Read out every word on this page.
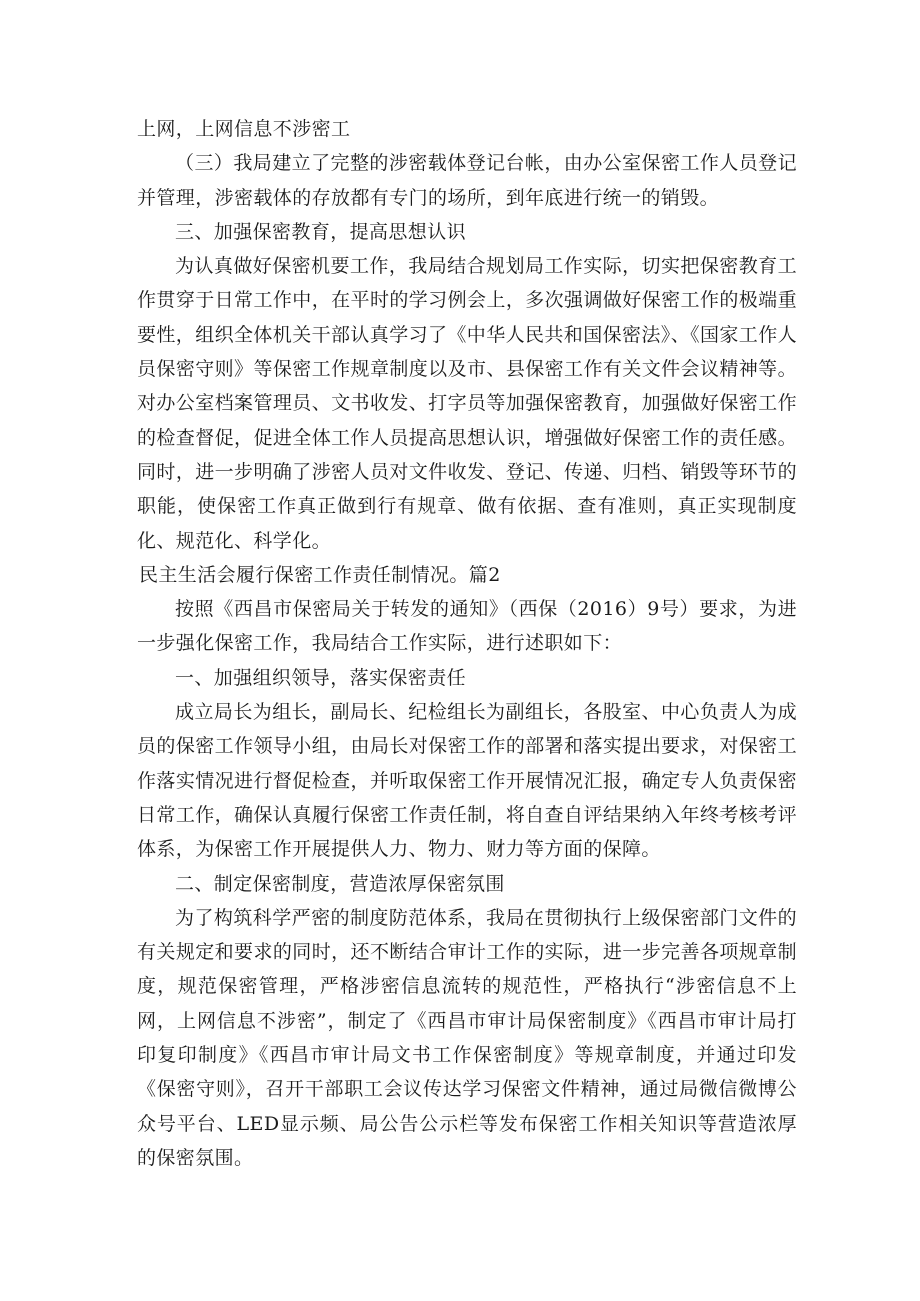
上网，上网信息不涉密工

（三）我局建立了完整的涉密载体登记台帐，由办公室保密工作人员登记并管理，涉密载体的存放都有专门的场所，到年底进行统一的销毁。

三、加强保密教育，提高思想认识

为认真做好保密机要工作，我局结合规划局工作实际，切实把保密教育工作贯穿于日常工作中，在平时的学习例会上，多次强调做好保密工作的极端重要性，组织全体机关干部认真学习了《中华人民共和国保密法》、《国家工作人员保密守则》等保密工作规章制度以及市、县保密工作有关文件会议精神等。对办公室档案管理员、文书收发、打字员等加强保密教育，加强做好保密工作的检查督促，促进全体工作人员提高思想认识，增强做好保密工作的责任感。同时，进一步明确了涉密人员对文件收发、登记、传递、归档、销毁等环节的职能，使保密工作真正做到行有规章、做有依据、查有准则，真正实现制度化、规范化、科学化。

民主生活会履行保密工作责任制情况。篇2

按照《西昌市保密局关于转发的通知》（西保（2016）9号）要求，为进一步强化保密工作，我局结合工作实际，进行述职如下：

一、加强组织领导，落实保密责任

成立局长为组长，副局长、纪检组长为副组长，各股室、中心负责人为成员的保密工作领导小组，由局长对保密工作的部署和落实提出要求，对保密工作落实情况进行督促检查，并听取保密工作开展情况汇报，确定专人负责保密日常工作，确保认真履行保密工作责任制，将自查自评结果纳入年终考核考评体系，为保密工作开展提供人力、物力、财力等方面的保障。

二、制定保密制度，营造浓厚保密氛围

为了构筑科学严密的制度防范体系，我局在贯彻执行上级保密部门文件的有关规定和要求的同时，还不断结合审计工作的实际，进一步完善各项规章制度，规范保密管理，严格涉密信息流转的规范性，严格执行“涉密信息不上网，上网信息不涉密”，制定了《西昌市审计局保密制度》《西昌市审计局打印复印制度》《西昌市审计局文书工作保密制度》等规章制度，并通过印发《保密守则》，召开干部职工会议传达学习保密文件精神，通过局微信微博公众号平台、LED显示频、局公告公示栏等发布保密工作相关知识等营造浓厚的保密氛围。
